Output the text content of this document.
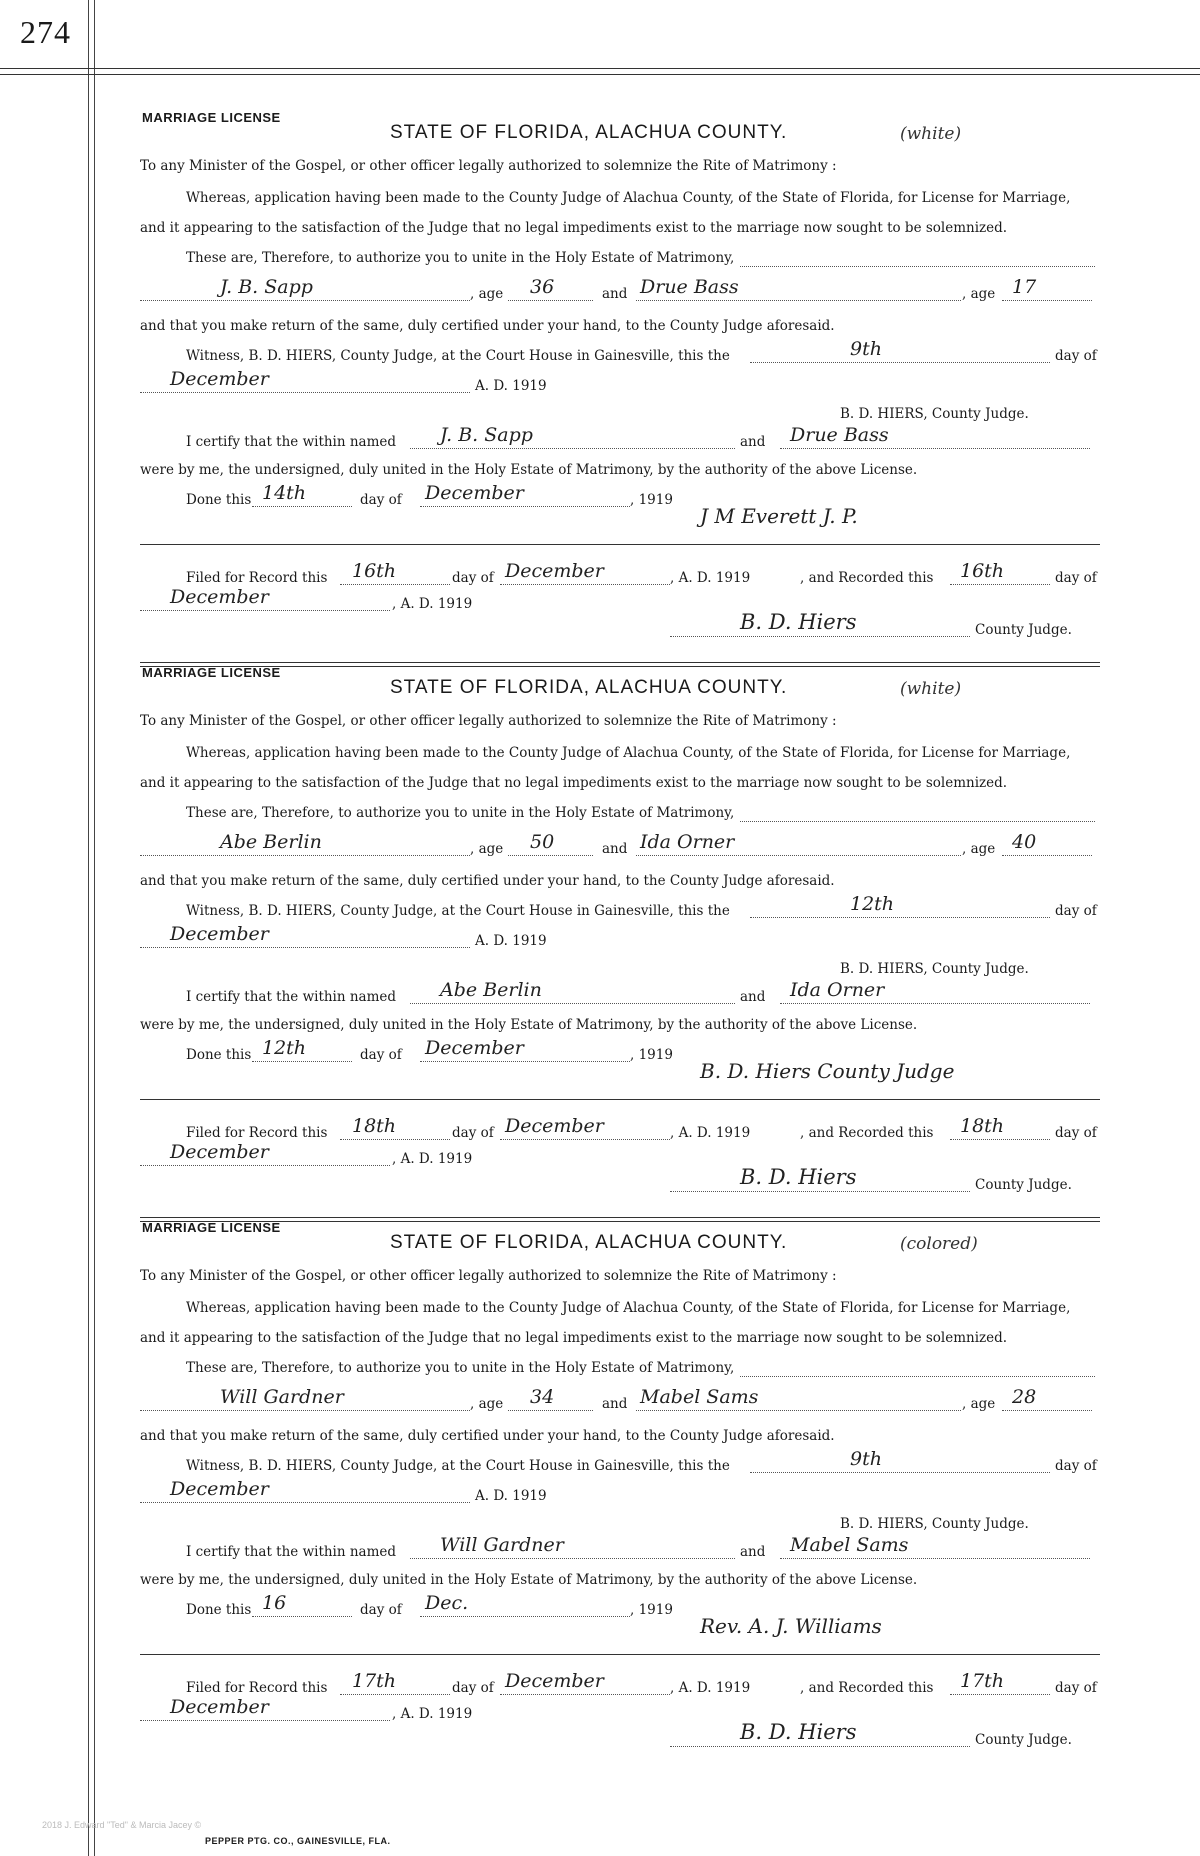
274
MARRIAGE LICENSE
STATE OF FLORIDA, ALACHUA COUNTY.	(white)
To any Minister of the Gospel, or other officer legally authorized to solemnize the Rite of Matrimony :
Whereas, application having been made to the County Judge of Alachua County, of the State of Florida, for License for Marriage,
and it appearing to the satisfaction of the Judge that no legal impediments exist to the marriage now sought to be solemnized.
These are, Therefore, to authorize you to unite in the Holy Estate of Matrimony,
J. B. Sapp	, age 36	and Drue Bass	, age 17
and that you make return of the same, duly certified under your hand, to the County Judge aforesaid.
Witness, B. D. HIERS, County Judge, at the Court House in Gainesville, this the	9th	day of
December	A. D. 1919
B. D. HIERS, County Judge.
I certify that the within named J. B. Sapp	and Drue Bass
were by me, the undersigned, duly united in the Holy Estate of Matrimony, by the authority of the above License.
Done this 14th	day of December	, 1919
J M Everett J. P.
Filed for Record this 16th	day of December	, A. D. 1919	, and Recorded this 16th	day of
December	, A. D. 1919
B. D. Hiers	County Judge.
MARRIAGE LICENSE
STATE OF FLORIDA, ALACHUA COUNTY.	(white)
To any Minister of the Gospel, or other officer legally authorized to solemnize the Rite of Matrimony :
Whereas, application having been made to the County Judge of Alachua County, of the State of Florida, for License for Marriage,
and it appearing to the satisfaction of the Judge that no legal impediments exist to the marriage now sought to be solemnized.
These are, Therefore, to authorize you to unite in the Holy Estate of Matrimony,
Abe Berlin	, age 50	and Ida Orner	, age 40
and that you make return of the same, duly certified under your hand, to the County Judge aforesaid.
Witness, B. D. HIERS, County Judge, at the Court House in Gainesville, this the	12th	day of
December	A. D. 1919
B. D. HIERS, County Judge.
I certify that the within named Abe Berlin	and Ida Orner
were by me, the undersigned, duly united in the Holy Estate of Matrimony, by the authority of the above License.
Done this 12th	day of December	, 1919
B. D. Hiers County Judge
Filed for Record this 18th	day of December	, A. D. 1919	, and Recorded this 18th	day of
December	, A. D. 1919
B. D. Hiers	County Judge.
MARRIAGE LICENSE
STATE OF FLORIDA, ALACHUA COUNTY.	(colored)
To any Minister of the Gospel, or other officer legally authorized to solemnize the Rite of Matrimony :
Whereas, application having been made to the County Judge of Alachua County, of the State of Florida, for License for Marriage,
and it appearing to the satisfaction of the Judge that no legal impediments exist to the marriage now sought to be solemnized.
These are, Therefore, to authorize you to unite in the Holy Estate of Matrimony,
Will Gardner	, age 34	and Mabel Sams	, age 28
and that you make return of the same, duly certified under your hand, to the County Judge aforesaid.
Witness, B. D. HIERS, County Judge, at the Court House in Gainesville, this the	9th	day of
December	A. D. 1919
B. D. HIERS, County Judge.
I certify that the within named Will Gardner	and Mabel Sams
were by me, the undersigned, duly united in the Holy Estate of Matrimony, by the authority of the above License.
Done this 16	day of Dec.	, 1919
Rev. A. J. Williams
Filed for Record this 17th	day of December	, A. D. 1919	, and Recorded this 17th	day of
December	, A. D. 1919
B. D. Hiers	County Judge.
2018 J. Edward "Ted" & Marcia Jacey ©
PEPPER PTG. CO., GAINESVILLE, FLA.
